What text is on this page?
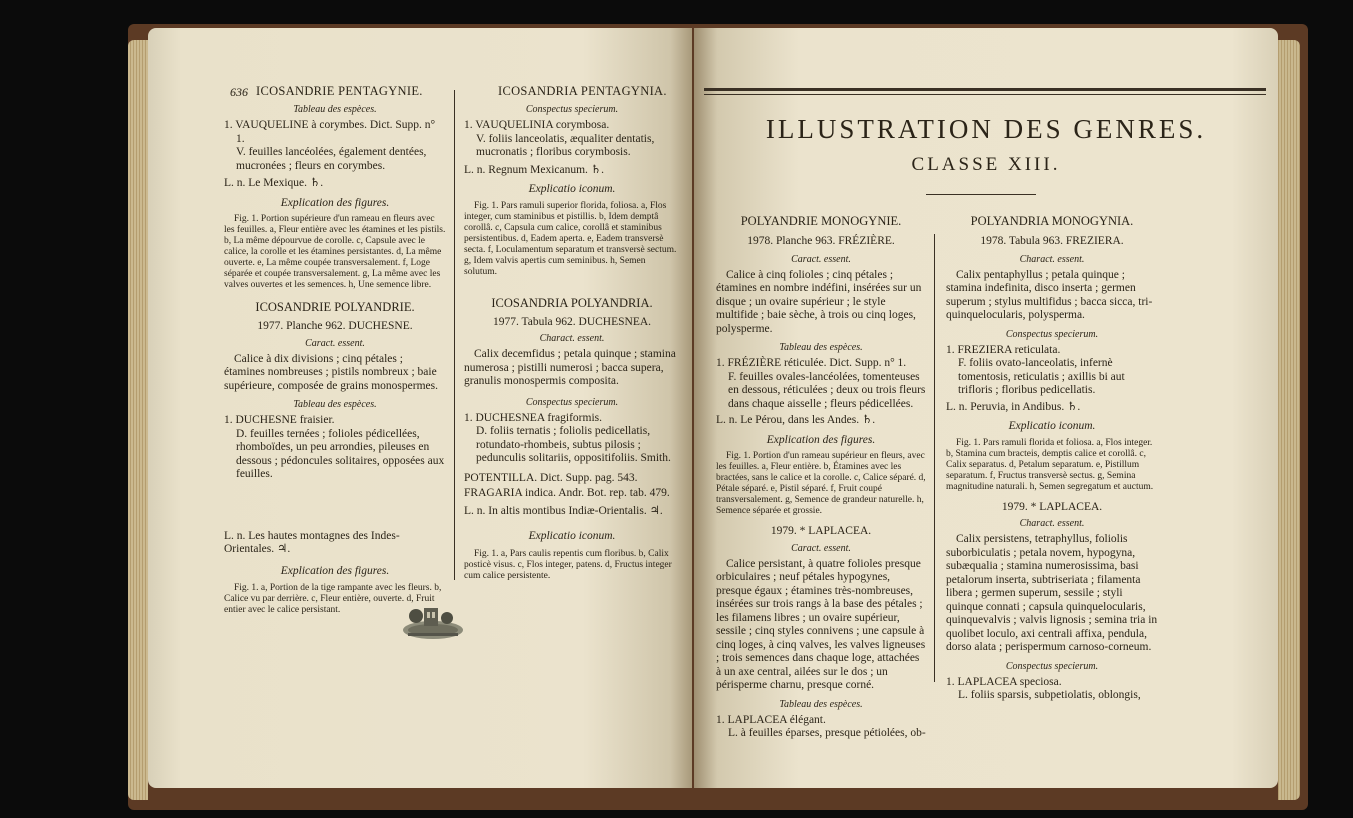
636 ICOSANDRIE PENTAGYNIE.	ICOSANDRIA PENTAGYNIA.

Tableau des espèces.

1. VAUQUELINE à corymbes. Dict. Supp. n° 1.
V. feuilles lancéolées, également dentées, mucronées ; fleurs en corymbes.

L. n. Le Mexique. ♄.

Explication des figures.

Fig. 1. Portion supérieure d'un rameau en fleurs avec les feuilles. a, Fleur entière avec les étamines et les pistils. b, La même dépourvue de corolle. c, Capsule avec le calice, la corolle et les étamines persistantes. d, La même ouverte. e, La même coupée transversalement. f, Loge séparée et coupée transversalement. g, La même avec les valves ouvertes et les semences. h, Une semence libre.

ICOSANDRIE POLYANDRIE.

1977. Planche 962. DUCHESNE.

Caract. essent.

Calice à dix divisions ; cinq pétales ; étamines nombreuses ; pistils nombreux ; baie supérieure, composée de grains monospermes.

Tableau des espèces.

1. DUCHESNE fraisier.
D. feuilles ternées ; folioles pédicellées, rhomboïdes, un peu arrondies, pileuses en dessous ; pédoncules solitaires, opposées aux feuilles.

L. n. Les hautes montagnes des Indes-Orientales. ♃.

Explication des figures.

Fig. 1. a, Portion de la tige rampante avec les fleurs. b, Calice vu par derrière. c, Fleur entière, ouverte. d, Fruit entier avec le calice persistant.

Conspectus specierum.

1. VAUQUELINIA corymbosa.
V. foliis lanceolatis, æqualiter dentatis, mucronatis ; floribus corymbosis.

L. n. Regnum Mexicanum. ♄.

Explicatio iconum.

Fig. 1. Pars ramuli superior florida, foliosa. a, Flos integer, cum staminibus et pistillis. b, Idem demptâ corollâ. c, Capsula cum calice, corollâ et staminibus persistentibus. d, Eadem aperta. e, Eadem transversè secta. f, Loculamentum separatum et transversè sectum. g, Idem valvis apertis cum seminibus. h, Semen solutum.

ICOSANDRIA POLYANDRIA.

1977. Tabula 962. DUCHESNEA.

Charact. essent.

Calix decemfidus ; petala quinque ; stamina numerosa ; pistilli numerosi ; bacca supera, granulis monospermis composita.

Conspectus specierum.

1. DUCHESNEA fragiformis.
D. foliis ternatis ; foliolis pedicellatis, rotundato-rhombeis, subtus pilosis ; pedunculis solitariis, oppositifoliis. Smith.

POTENTILLA. Dict. Supp. pag. 543.

FRAGARIA indica. Andr. Bot. rep. tab. 479.

L. n. In altis montibus Indiæ-Orientalis. ♃.

Explicatio iconum.

Fig. 1. a, Pars caulis repentis cum floribus. b, Calix posticè visus. c, Flos integer, patens. d, Fructus integer cum calice persistente.

ILLUSTRATION DES GENRES.
CLASSE XIII.

POLYANDRIE MONOGYNIE.

1978. Planche 963. FRÉZIÈRE.

Caract. essent.

Calice à cinq folioles ; cinq pétales ; étamines en nombre indéfini, insérées sur un disque ; un ovaire supérieur ; le style multifide ; baie sèche, à trois ou cinq loges, polysperme.

Tableau des espèces.

1. FRÉZIÈRE réticulée. Dict. Supp. n° 1.
F. feuilles ovales-lancéolées, tomenteuses en dessous, réticulées ; deux ou trois fleurs dans chaque aisselle ; fleurs pédicellées.

L. n. Le Pérou, dans les Andes. ♄.

Explication des figures.

Fig. 1. Portion d'un rameau supérieur en fleurs, avec les feuilles. a, Fleur entière. b, Étamines avec les bractées, sans le calice et la corolle. c, Calice séparé. d, Pétale séparé. e, Pistil séparé. f, Fruit coupé transversalement. g, Semence de grandeur naturelle. h, Semence séparée et grossie.

1979. * LAPLACEA.

Caract. essent.

Calice persistant, à quatre folioles presque orbiculaires ; neuf pétales hypogynes, presque égaux ; étamines très-nombreuses, insérées sur trois rangs à la base des pétales ; les filamens libres ; un ovaire supérieur, sessile ; cinq styles connivens ; une capsule à cinq loges, à cinq valves, les valves ligneuses ; trois semences dans chaque loge, attachées à un axe central, ailées sur le dos ; un périsperme charnu, presque corné.

Tableau des espèces.

1. LAPLACEA élégant.
L. à feuilles éparses, presque pétiolées, ob-

POLYANDRIA MONOGYNIA.

1978. Tabula 963. FREZIERA.

Charact. essent.

Calix pentaphyllus ; petala quinque ; stamina indefinita, disco inserta ; germen superum ; stylus multifidus ; bacca sicca, tri-quinquelocularis, polysperma.

Conspectus specierum.

1. FREZIERA reticulata.
F. foliis ovato-lanceolatis, infernè tomentosis, reticulatis ; axillis bi aut trifloris ; floribus pedicellatis.

L. n. Peruvia, in Andibus. ♄.

Explicatio iconum.

Fig. 1. Pars ramuli florida et foliosa. a, Flos integer. b, Stamina cum bracteis, demptis calice et corollâ. c, Calix separatus. d, Petalum separatum. e, Pistillum separatum. f, Fructus transversè sectus. g, Semina magnitudine naturali. h, Semen segregatum et auctum.

1979. * LAPLACEA.

Charact. essent.

Calix persistens, tetraphyllus, foliolis suborbiculatis ; petala novem, hypogyna, subæqualia ; stamina numerosissima, basi petalorum inserta, subtriseriata ; filamenta libera ; germen superum, sessile ; styli quinque connati ; capsula quinquelocularis, quinquevalvis ; valvis lignosis ; semina tria in quolibet loculo, axi centrali affixa, pendula, dorso alata ; perispermum carnoso-corneum.

Conspectus specierum.

1. LAPLACEA speciosa.
L. foliis sparsis, subpetiolatis, oblongis,
